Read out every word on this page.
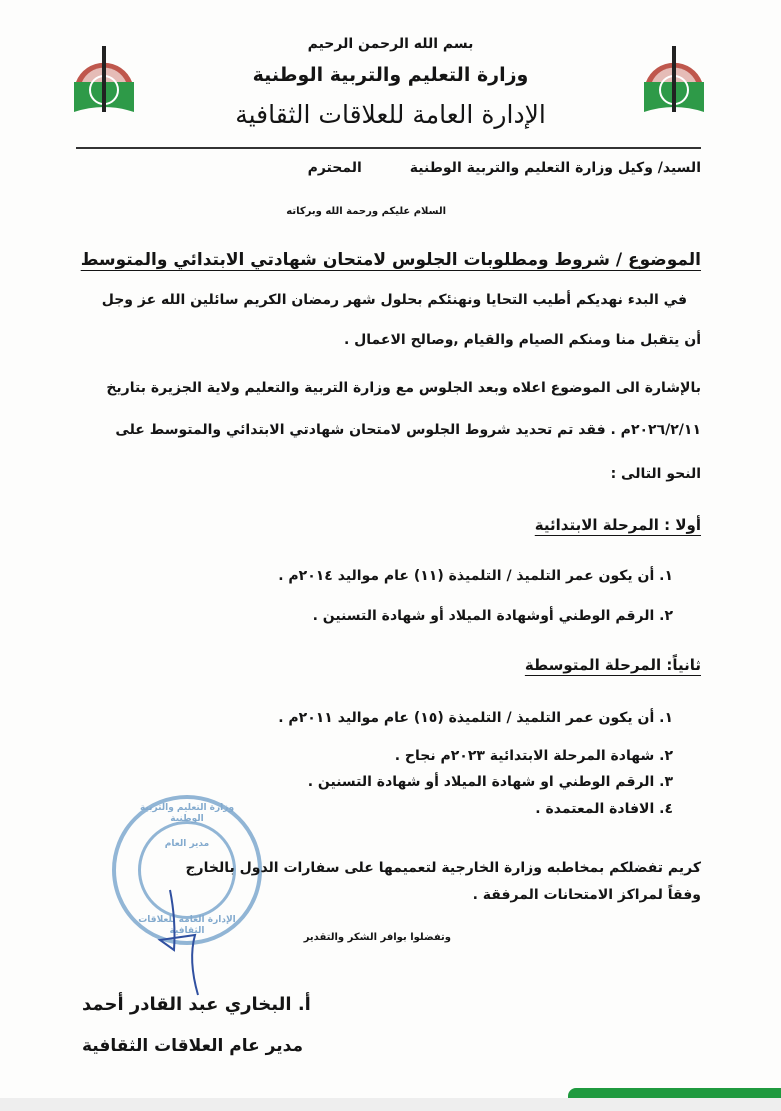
بسم الله الرحمن الرحيم
وزارة التعليم والتربية الوطنية
الإدارة العامة للعلاقات الثقافية
السيد/ وكيل وزارة التعليم والتربية الوطنية
المحترم
السلام عليكم ورحمة الله وبركاته
الموضوع / شروط ومطلوبات الجلوس لامتحان شهادتي الابتدائي والمتوسط
في البدء نهديكم أطيب التحايا ونهنئكم بحلول شهر رمضان الكريم سائلين الله عز وجل
أن يتقبل منا ومنكم الصيام والقيام ,وصالح الاعمال .
بالإشارة الى الموضوع اعلاه وبعد الجلوس مع وزارة التربية والتعليم ولاية الجزيرة بتاريخ
٢٠٢٦/٢/١١م . فقد تم تحديد شروط الجلوس لامتحان شهادتي الابتدائي والمتوسط على
النحو التالى :
أولا : المرحلة الابتدائية
١. أن يكون عمر التلميذ / التلميذة (١١) عام مواليد ٢٠١٤م .
٢. الرقم الوطني أوشهادة الميلاد أو شهادة التسنين .
ثانياً: المرحلة المتوسطة
١. أن يكون عمر التلميذ / التلميذة (١٥) عام مواليد ٢٠١١م .
٢. شهادة المرحلة الابتدائية ٢٠٢٣م نجاح .
٣. الرقم الوطني او شهادة الميلاد أو شهادة التسنين .
٤. الافادة المعتمدة .
وزارة التعليم والتربية الوطنية
مدير العام
الإدارة العامة للعلاقات الثقافية
كريم تفضلكم بمخاطبه وزارة الخارجية لتعميمها على سفارات الدول بالخارج
وفقاً لمراكز الامتحانات المرفقة .
وتفضلوا بوافر الشكر والتقدير
أ. البخاري عبد القادر أحمد
مدير عام العلاقات الثقافية
